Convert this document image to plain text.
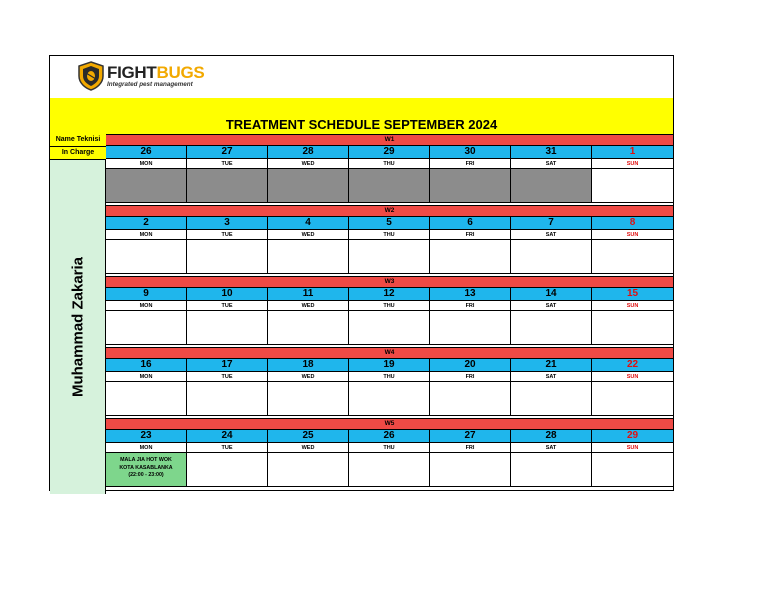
FIGHTBUGS
Integrated pest management
TREATMENT SCHEDULE SEPTEMBER 2024
Name Teknisi
In Charge
Muhammad Zakaria
W1
26
MON
27
TUE
28
WED
29
THU
30
FRI
31
SAT
1
SUN
W2
2
MON
3
TUE
4
WED
5
THU
6
FRI
7
SAT
8
SUN
W3
9
MON
10
TUE
11
WED
12
THU
13
FRI
14
SAT
15
SUN
W4
16
MON
17
TUE
18
WED
19
THU
20
FRI
21
SAT
22
SUN
W5
23
MON
MALA JIA HOT WOK
KOTA KASABLANKA
(22:00 - 23:00)
24
TUE
25
WED
26
THU
27
FRI
28
SAT
29
SUN
